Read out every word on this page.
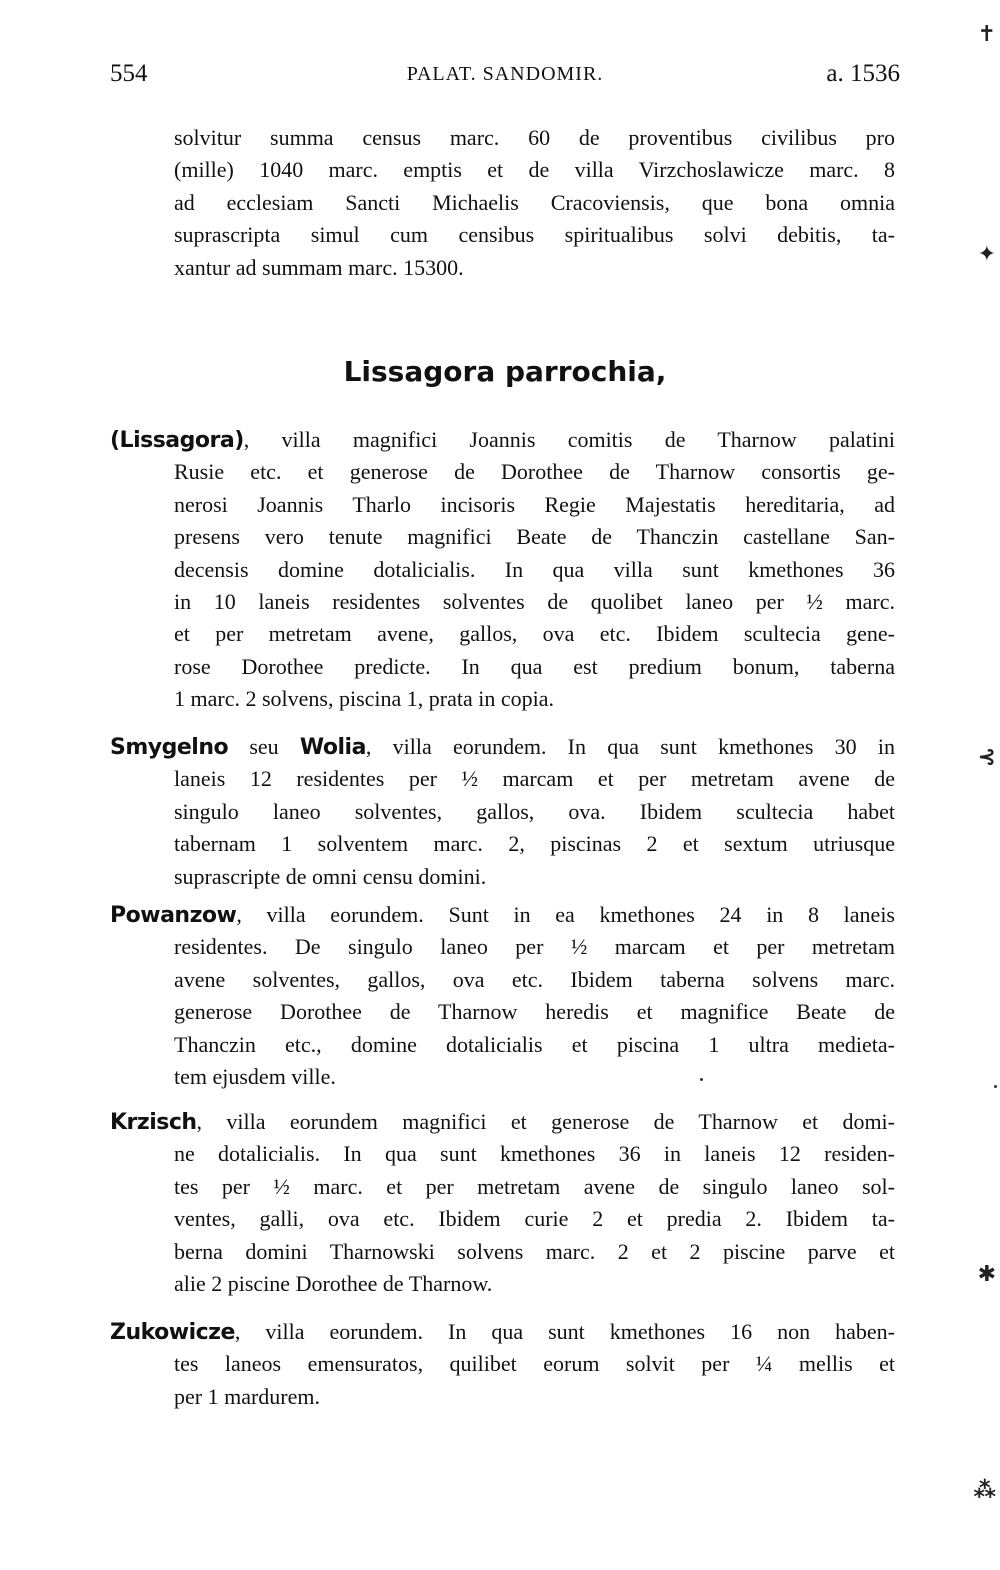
554	PALAT. SANDOMIR.	a. 1536
solvitur summa census marc. 60 de proventibus civilibus pro
(mille) 1040 marc. emptis et de villa Virzchoslawicze marc. 8
ad ecclesiam Sancti Michaelis Cracoviensis, que bona omnia
suprascripta simul cum censibus spiritualibus solvi debitis, ta-
xantur ad summam marc. 15300.
Lissagora parrochia,
(Lissagora), villa magnifici Joannis comitis de Tharnow palatini
Rusie etc. et generose de Dorothee de Tharnow consortis ge-
nerosi Joannis Tharlo incisoris Regie Majestatis hereditaria, ad
presens vero tenute magnifici Beate de Thanczin castellane San-
decensis domine dotalicialis. In qua villa sunt kmethones 36
in 10 laneis residentes solventes de quolibet laneo per ½ marc.
et per metretam avene, gallos, ova etc. Ibidem scultecia gene-
rose Dorothee predicte. In qua est predium bonum, taberna
1 marc. 2 solvens, piscina 1, prata in copia.
Smygelno seu Wolia, villa eorundem. In qua sunt kmethones 30 in
laneis 12 residentes per ½ marcam et per metretam avene de
singulo laneo solventes, gallos, ova. Ibidem scultecia habet
tabernam 1 solventem marc. 2, piscinas 2 et sextum utriusque
suprascripte de omni censu domini.
Powanzow, villa eorundem. Sunt in ea kmethones 24 in 8 laneis
residentes. De singulo laneo per ½ marcam et per metretam
avene solventes, gallos, ova etc. Ibidem taberna solvens marc.
generose Dorothee de Tharnow heredis et magnifice Beate de
Thanczin etc., domine dotalicialis et piscina 1 ultra medieta-
tem ejusdem ville.
Krzisch, villa eorundem magnifici et generose de Tharnow et domi-
ne dotalicialis. In qua sunt kmethones 36 in laneis 12 residen-
tes per ½ marc. et per metretam avene de singulo laneo sol-
ventes, galli, ova etc. Ibidem curie 2 et predia 2. Ibidem ta-
berna domini Tharnowski solvens marc. 2 et 2 piscine parve et
alie 2 piscine Dorothee de Tharnow.
Zukowicze, villa eorundem. In qua sunt kmethones 16 non haben-
tes laneos emensuratos, quilibet eorum solvit per ¼ mellis et
per 1 mardurem.
✝
✦
⊰
✱
⁂
